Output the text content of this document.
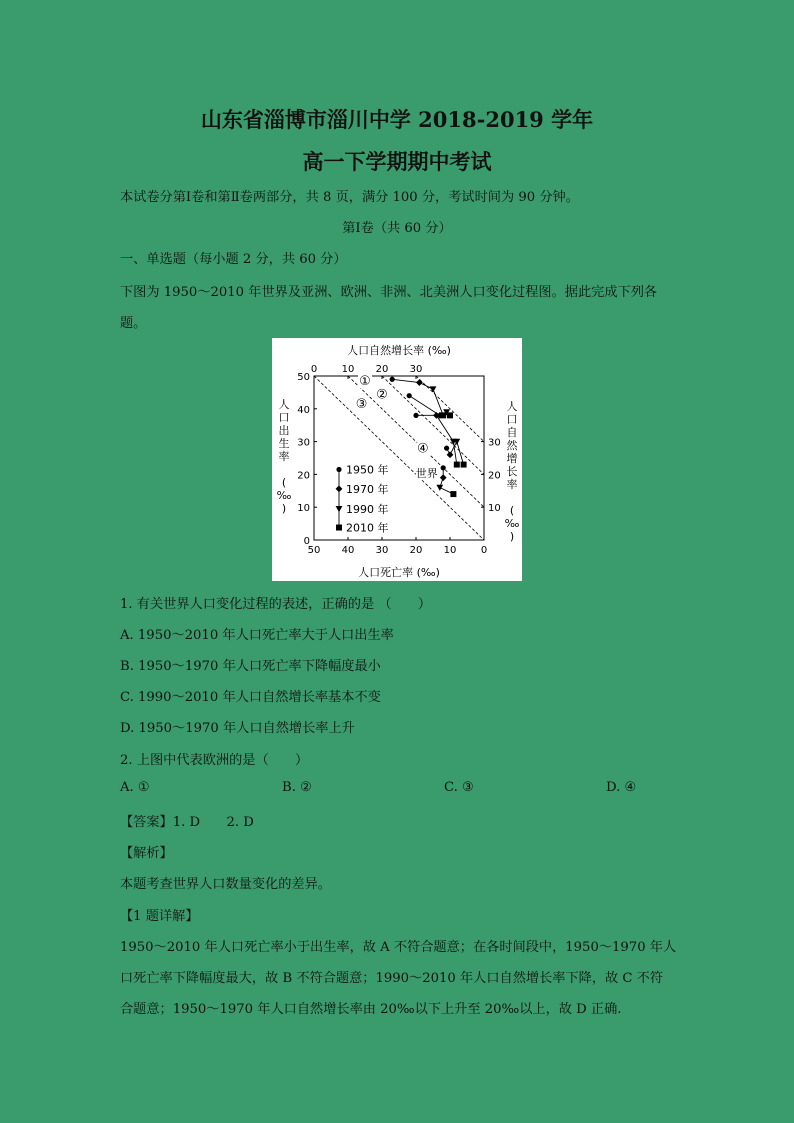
山东省淄博市淄川中学 2018-2019 学年
高一下学期期中考试
本试卷分第Ⅰ卷和第Ⅱ卷两部分，共 8 页，满分 100 分，考试时间为 90 分钟。
第Ⅰ卷（共 60 分）
一、单选题（每小题 2 分，共 60 分）
下图为 1950～2010 年世界及亚洲、欧洲、非洲、北美洲人口变化过程图。据此完成下列各
题。
50 40 30 20 10 0
0
10
20
30
40
50
0 10 20 30
10
20
30
人口自然增长率 (‰)
人口死亡率 (‰)
人口出生率 ( ‰ )
人口自然增长率 ( ‰ )
①
②
③
④
世界
1950 年
1970 年
1990 年
2010 年
1. 有关世界人口变化过程的表述，正确的是 （　　）
A. 1950～2010 年人口死亡率大于人口出生率
B. 1950～1970 年人口死亡率下降幅度最小
C. 1990～2010 年人口自然增长率基本不变
D. 1950～1970 年人口自然增长率上升
2. 上图中代表欧洲的是（　　）
A. ①	B. ②	C. ③	D. ④
【答案】1. D　　2. D
【解析】
本题考查世界人口数量变化的差异。
【1 题详解】
1950～2010 年人口死亡率小于出生率，故 A 不符合题意；在各时间段中，1950～1970 年人
口死亡率下降幅度最大，故 B 不符合题意；1990～2010 年人口自然增长率下降，故 C 不符
合题意；1950～1970 年人口自然增长率由 20‰以下上升至 20‰以上，故 D 正确.
